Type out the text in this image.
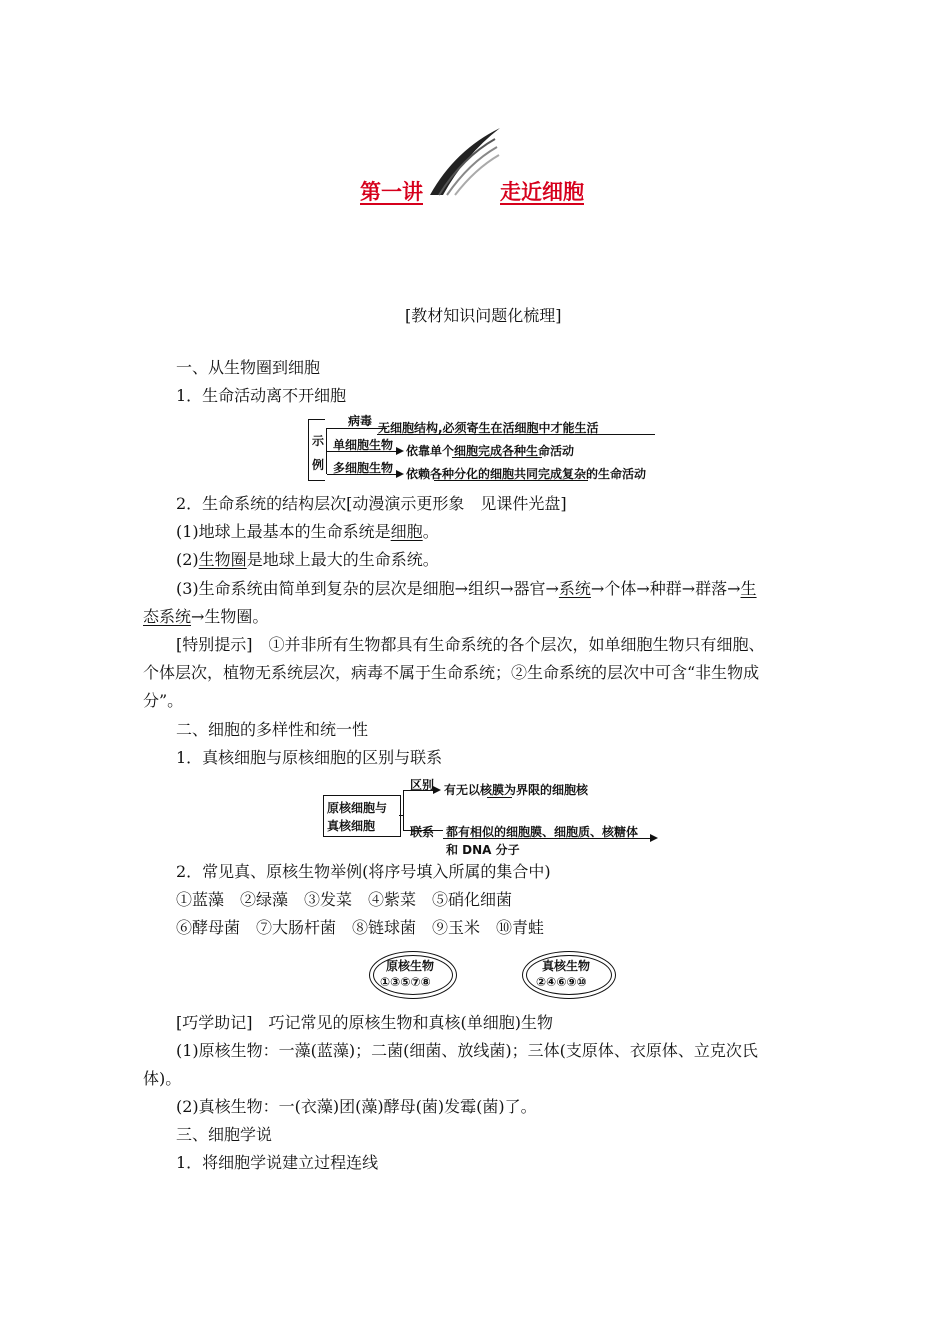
第一讲	走近细胞
[教材知识问题化梳理]
一、从生物圈到细胞
1．生命活动离不开细胞
示
例
病毒 无细胞结构,必须寄生在活细胞中才能生活
单细胞生物 依靠单个细胞完成各种生命活动
多细胞生物 依赖各种分化的细胞共同完成复杂的生命活动
2．生命系统的结构层次[动漫演示更形象　见课件光盘]
(1)地球上最基本的生命系统是细胞。
(2)生物圈是地球上最大的生命系统。
(3)生命系统由简单到复杂的层次是细胞→组织→器官→系统→个体→种群→群落→生
态系统→生物圈。
[特别提示]　①并非所有生物都具有生命系统的各个层次，如单细胞生物只有细胞、
个体层次，植物无系统层次，病毒不属于生命系统；②生命系统的层次中可含“非生物成
分”。
二、细胞的多样性和统一性
1．真核细胞与原核细胞的区别与联系
原核细胞与
真核细胞
区别 有无以核膜为界限的细胞核
联系 都有相似的细胞膜、细胞质、核糖体
和 DNA 分子
2．常见真、原核生物举例(将序号填入所属的集合中)
①蓝藻　②绿藻　③发菜　④紫菜　⑤硝化细菌
⑥酵母菌　⑦大肠杆菌　⑧链球菌　⑨玉米　⑩青蛙
原核生物
①③⑤⑦⑧
真核生物
②④⑥⑨⑩
[巧学助记]　巧记常见的原核生物和真核(单细胞)生物
(1)原核生物：一藻(蓝藻)；二菌(细菌、放线菌)；三体(支原体、衣原体、立克次氏
体)。
(2)真核生物：一(衣藻)团(藻)酵母(菌)发霉(菌)了。
三、细胞学说
1．将细胞学说建立过程连线
